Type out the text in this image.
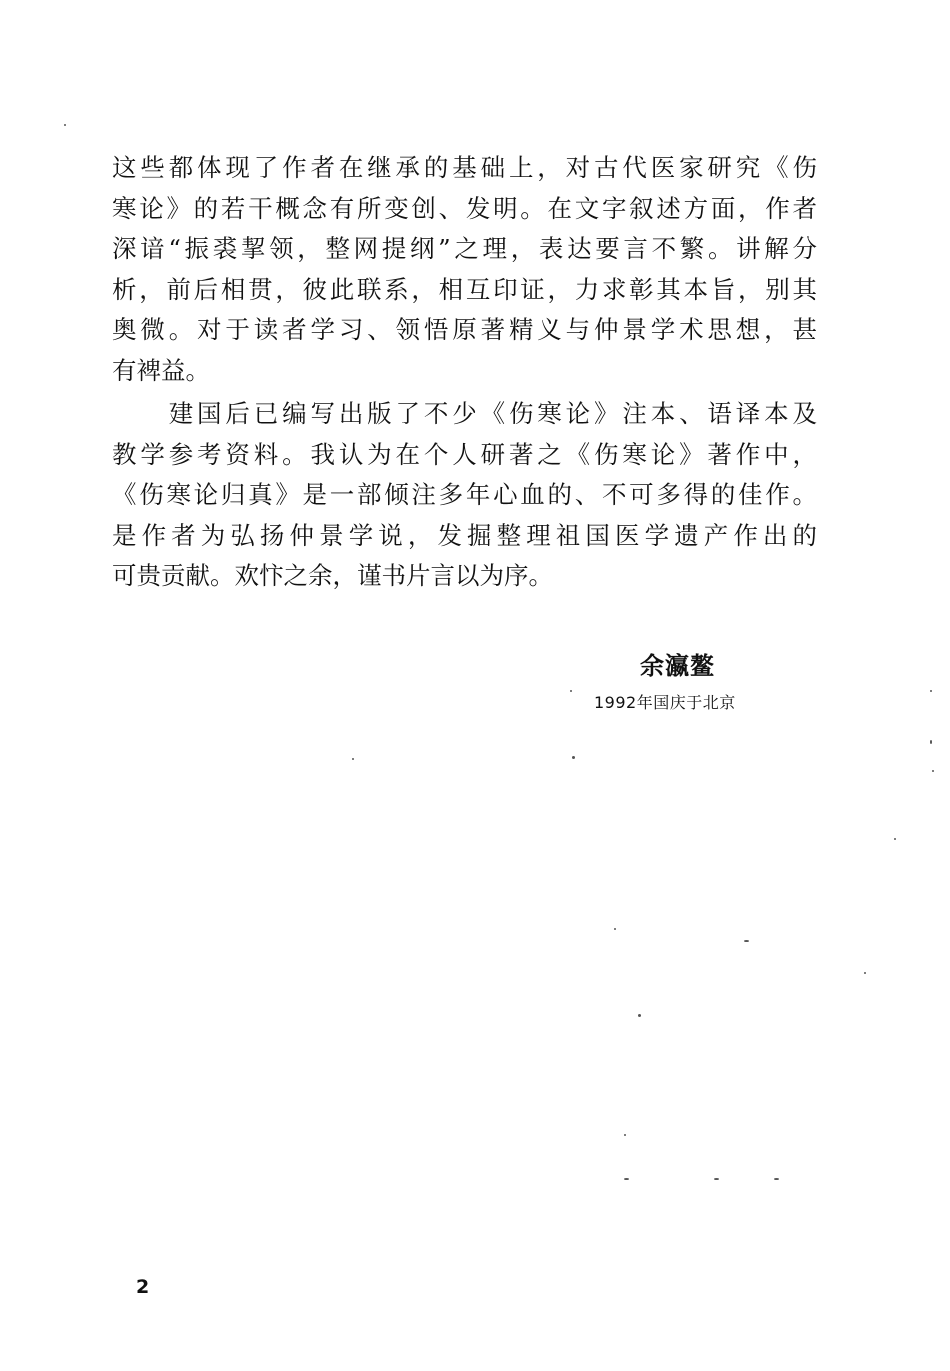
这些都体现了作者在继承的基础上，对古代医家研究《伤
寒论》的若干概念有所变创、发明。在文字叙述方面，作者
深谙“振裘挈领，整网提纲”之理，表达要言不繁。讲解分
析，前后相贯，彼此联系，相互印证，力求彰其本旨，别其
奥微。对于读者学习、领悟原著精义与仲景学术思想，甚
有裨益。

　　建国后已编写出版了不少《伤寒论》注本、语译本及
教学参考资料。我认为在个人研著之《伤寒论》著作中，
《伤寒论归真》是一部倾注多年心血的、不可多得的佳作。
是作者为弘扬仲景学说，发掘整理祖国医学遗产作出的
可贵贡献。欢忭之余，谨书片言以为序。

余瀛鳌
1992年国庆于北京
2
